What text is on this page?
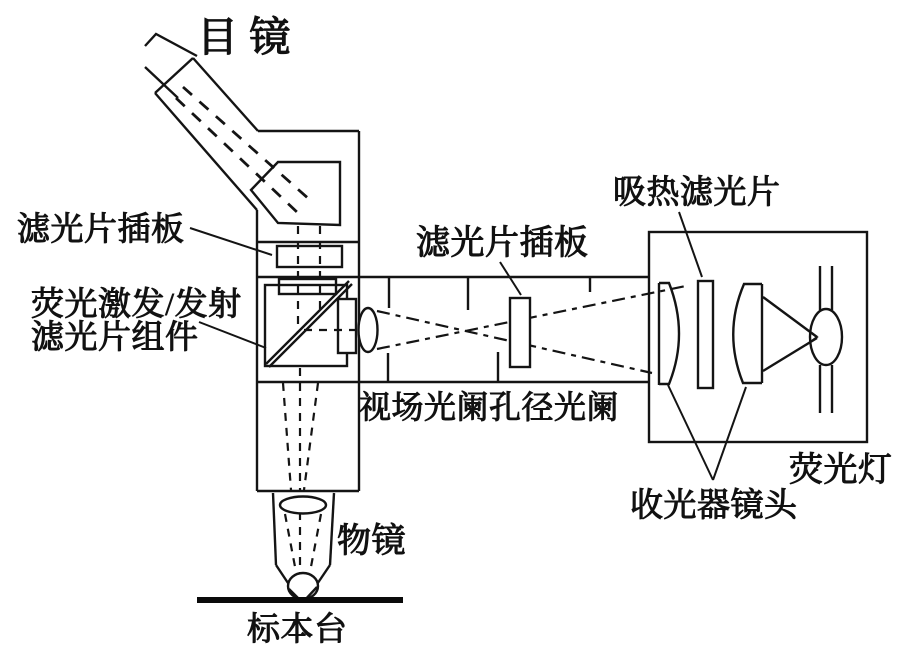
目 镜
滤光片插板
荧光激发/发射
滤光片组件
滤光片插板
吸热滤光片
视场光阑孔径光阑
荧光灯
收光器镜头
物镜
标本台
